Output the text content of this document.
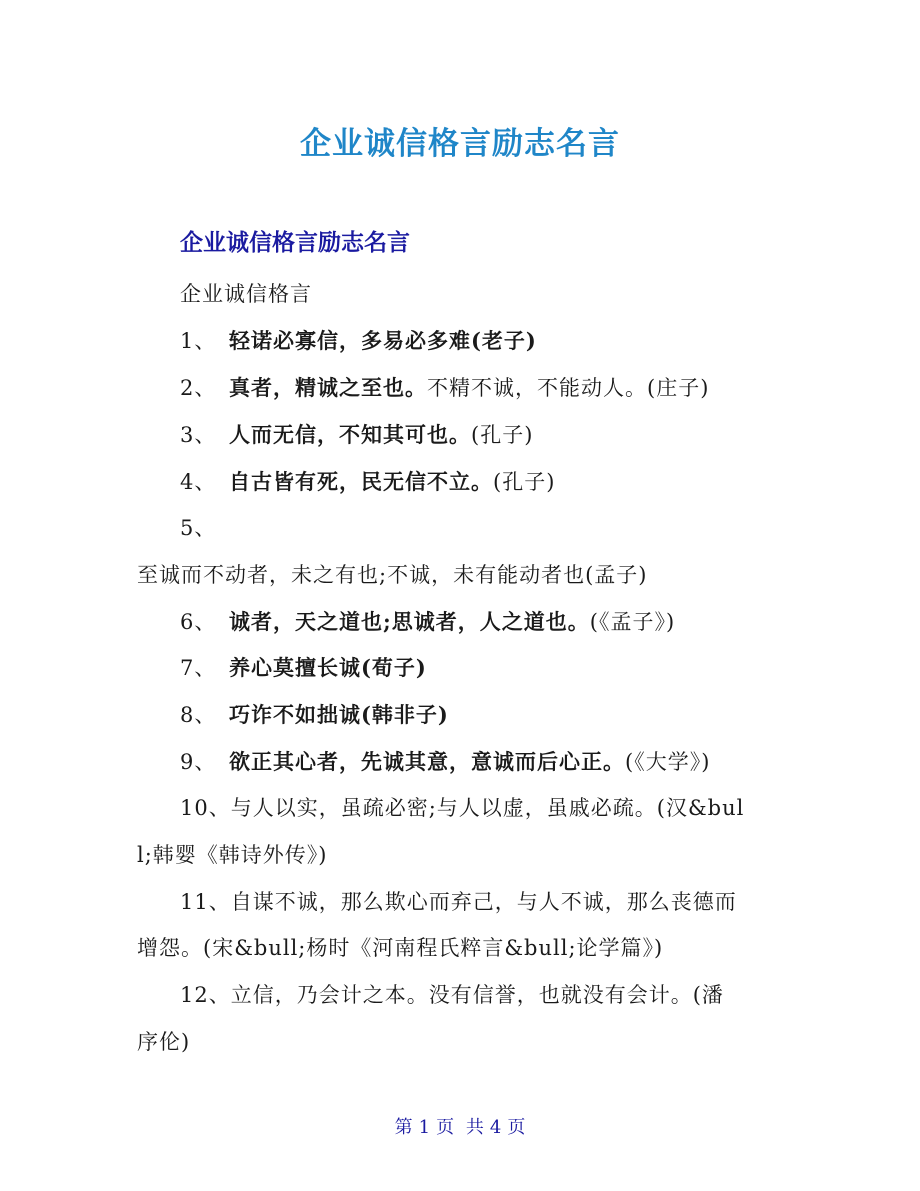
企业诚信格言励志名言
企业诚信格言励志名言
企业诚信格言
1、 轻诺必寡信，多易必多难(老子)
2、 真者，精诚之至也。不精不诚，不能动人。(庄子)
3、 人而无信，不知其可也。(孔子)
4、 自古皆有死，民无信不立。(孔子)
5、
至诚而不动者，未之有也;不诚，未有能动者也(孟子)
6、 诚者，天之道也;思诚者，人之道也。(《孟子》)
7、 养心莫擅长诚(荀子)
8、 巧诈不如拙诚(韩非子)
9、 欲正其心者，先诚其意，意诚而后心正。(《大学》)
10、与人以实，虽疏必密;与人以虚，虽戚必疏。(汉&bul
l;韩婴《韩诗外传》)
11、自谋不诚，那么欺心而弃己，与人不诚，那么丧德而
增怨。(宋&bull;杨时《河南程氏粹言&bull;论学篇》)
12、立信，乃会计之本。没有信誉，也就没有会计。(潘
序伦)
第 1 页 共 4 页
